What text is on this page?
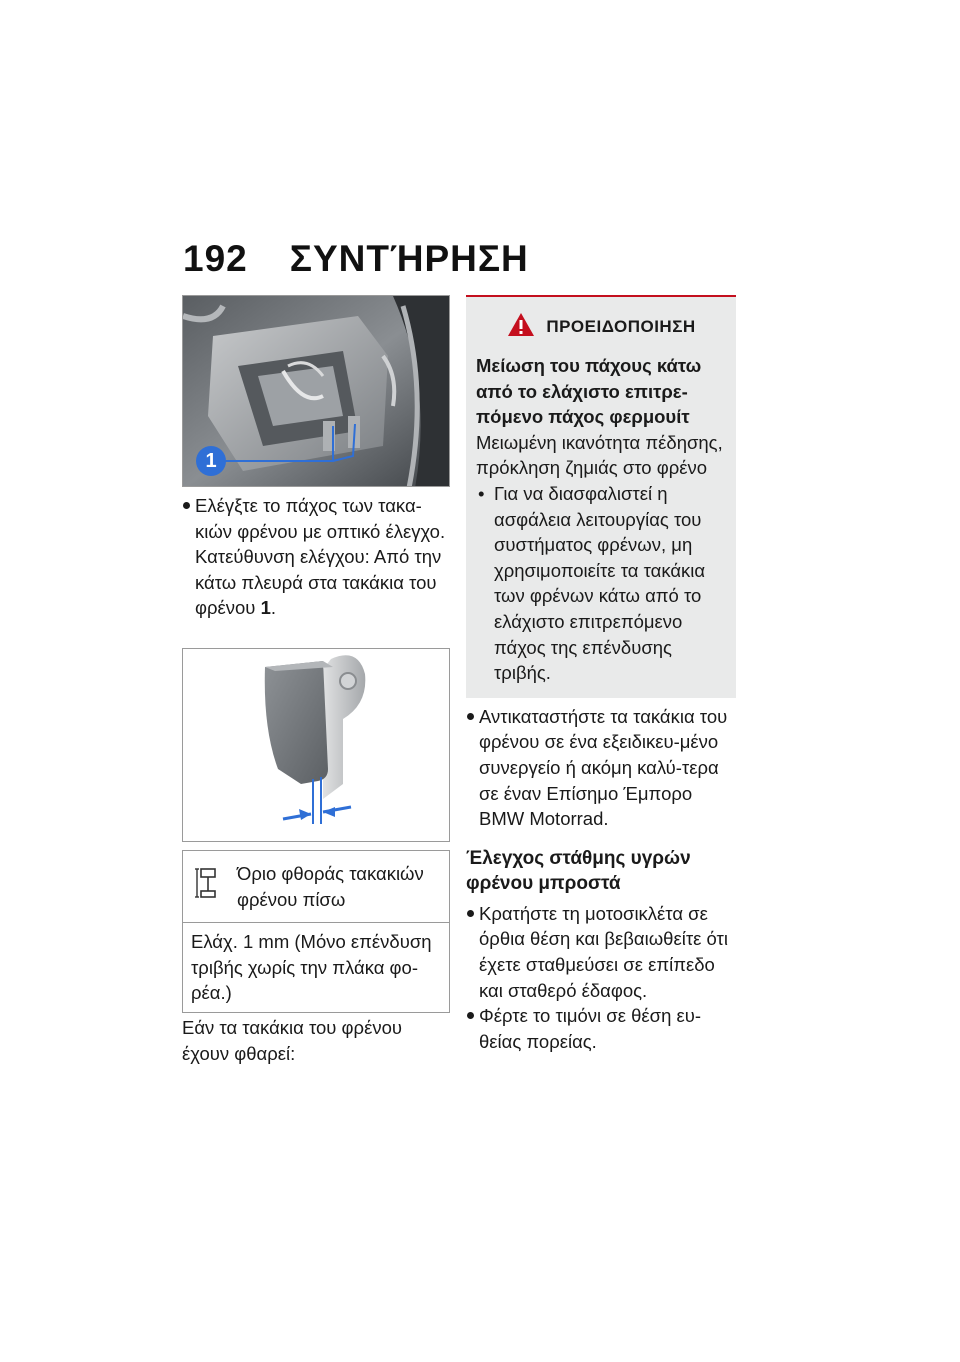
192 ΣΥΝΤΉΡΗΣΗ
1

Ελέγξτε το πάχος των τακα-κιών φρένου με οπτικό έλεγχο. Κατεύθυνση ελέγχου: Από την κάτω πλευρά στα τακάκια του φρένου 1.

Όριο φθοράς τακακιών φρένου πίσω
Ελάχ. 1 mm (Μόνο επένδυση τριβής χωρίς την πλάκα φο-ρέα.)

Εάν τα τακάκια του φρένου έχουν φθαρεί:

ΠΡΟΕΙΔΟΠΟΙΗΣΗ
Μείωση του πάχους κάτω από το ελάχιστο επιτρε-πόμενο πάχος φερμουίτ
Μειωμένη ικανότητα πέδησης, πρόκληση ζημιάς στο φρένο
• Για να διασφαλιστεί η ασφάλεια λειτουργίας του συστήματος φρένων, μη χρησιμοποιείτε τα τακάκια των φρένων κάτω από το ελάχιστο επιτρεπόμενο πάχος της επένδυσης τριβής.

Αντικαταστήστε τα τακάκια του φρένου σε ένα εξειδικευ-μένο συνεργείο ή ακόμη καλύ-τερα σε έναν Επίσημο Έμπορο BMW Motorrad.

Έλεγχος στάθμης υγρών φρένου μπροστά

Κρατήστε τη μοτοσικλέτα σε όρθια θέση και βεβαιωθείτε ότι έχετε σταθμεύσει σε επίπεδο και σταθερό έδαφος.

Φέρτε το τιμόνι σε θέση ευ-θείας πορείας.
